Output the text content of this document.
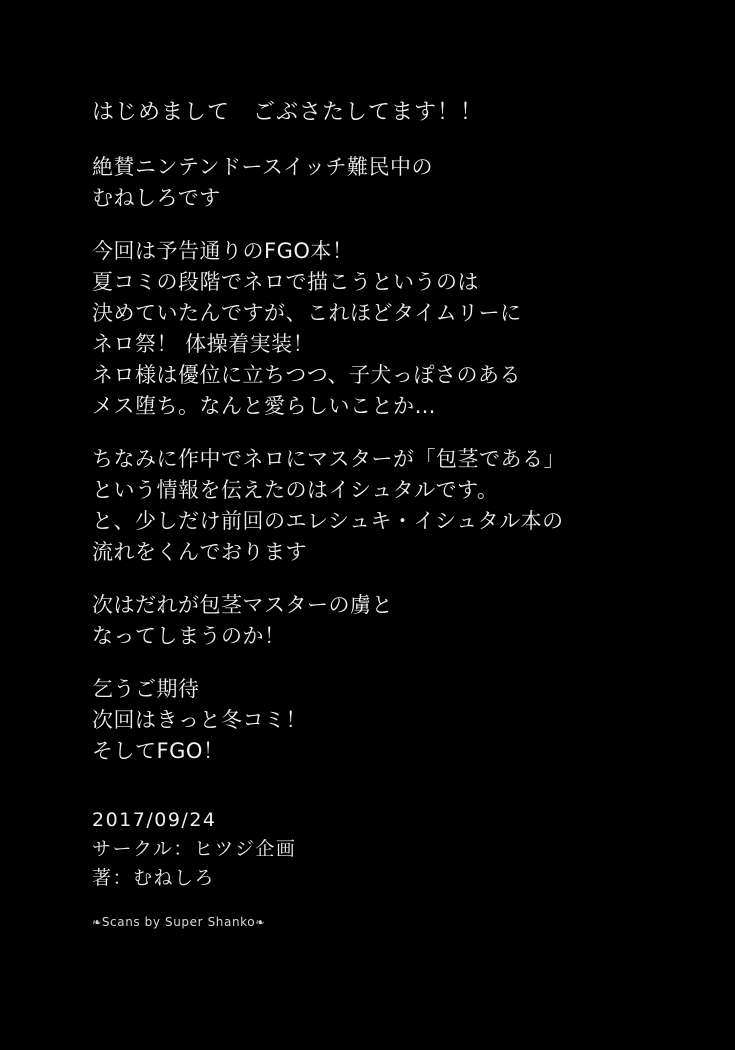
はじめまして　ごぶさたしてます！！
絶賛ニンテンドースイッチ難民中の
むねしろです
今回は予告通りのFGO本！
夏コミの段階でネロで描こうというのは
決めていたんですが、これほどタイムリーに
ネロ祭！ 体操着実装！
ネロ様は優位に立ちつつ、子犬っぽさのある
メス堕ち。なんと愛らしいことか…
ちなみに作中でネロにマスターが「包茎である」
という情報を伝えたのはイシュタルです。
と、少しだけ前回のエレシュキ・イシュタル本の
流れをくんでおります
次はだれが包茎マスターの虜と
なってしまうのか！
乞うご期待
次回はきっと冬コミ！
そしてFGO！
2017/09/24
サークル：ヒツジ企画
著：むねしろ
❧Scans by Super Shanko❧
